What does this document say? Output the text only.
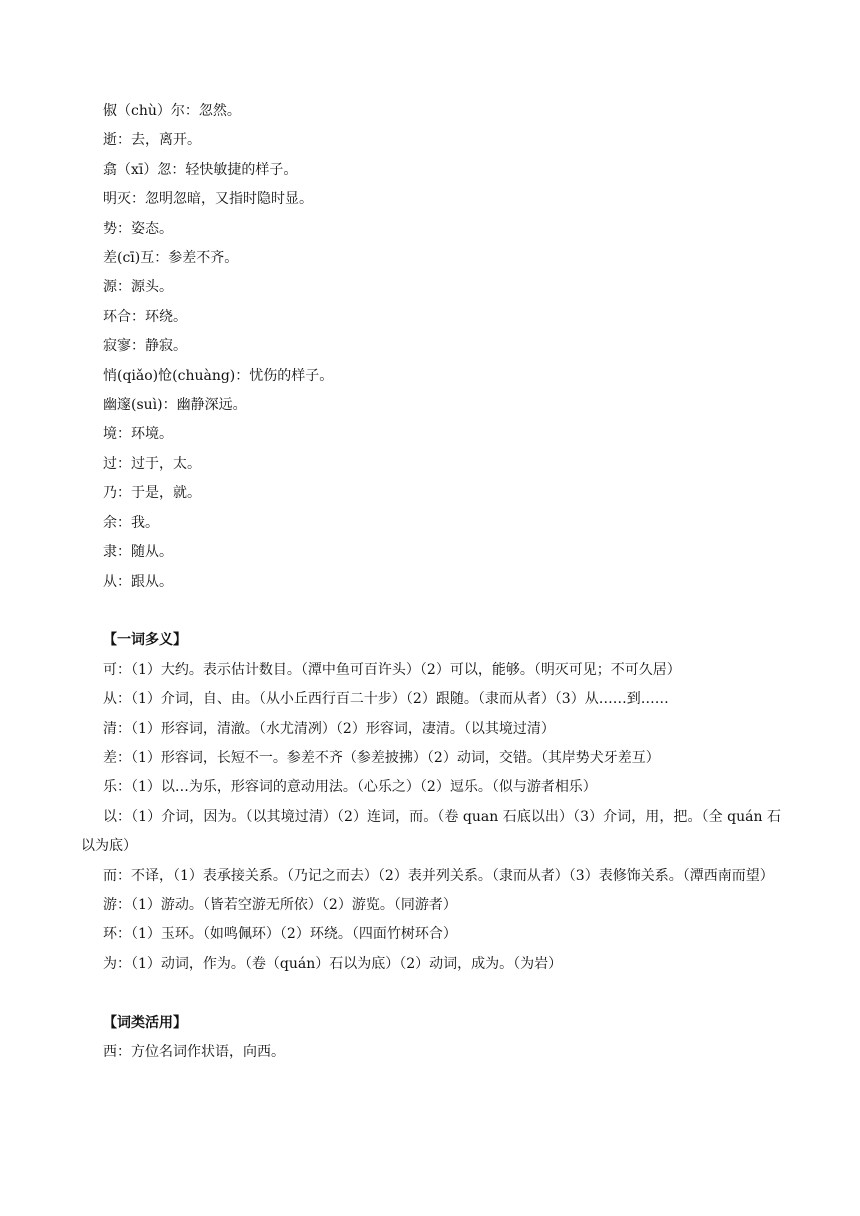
俶（chù）尔：忽然。
逝：去，离开。
翕（xī）忽：轻快敏捷的样子。
明灭：忽明忽暗，又指时隐时显。
势：姿态。
差(cī)互：参差不齐。
源：源头。
环合：环绕。
寂寥：静寂。
悄(qiǎo)怆(chuàng)：忧伤的样子。
幽邃(suì)：幽静深远。
境：环境。
过：过于，太。
乃：于是，就。
余：我。
隶：随从。
从：跟从。
【一词多义】
可：（1）大约。表示估计数目。（潭中鱼可百许头）（2）可以，能够。（明灭可见；不可久居）
从：（1）介词，自、由。（从小丘西行百二十步）（2）跟随。（隶而从者）（3）从……到……
清：（1）形容词，清澈。（水尤清冽）（2）形容词，凄清。（以其境过清）
差：（1）形容词，长短不一。参差不齐（参差披拂）（2）动词，交错。（其岸势犬牙差互）
乐：（1）以…为乐，形容词的意动用法。（心乐之）（2）逗乐。（似与游者相乐）
以：（1）介词，因为。（以其境过清）（2）连词，而。（卷 quan 石底以出）（3）介词，用，把。（全 quán 石以为底）
而：不译，（1）表承接关系。（乃记之而去）（2）表并列关系。（隶而从者）（3）表修饰关系。（潭西南而望）
游：（1）游动。（皆若空游无所依）（2）游览。（同游者）
环：（1）玉环。（如鸣佩环）（2）环绕。（四面竹树环合）
为：（1）动词，作为。（卷（quán）石以为底）（2）动词，成为。（为岩）
【词类活用】
西：方位名词作状语，向西。
